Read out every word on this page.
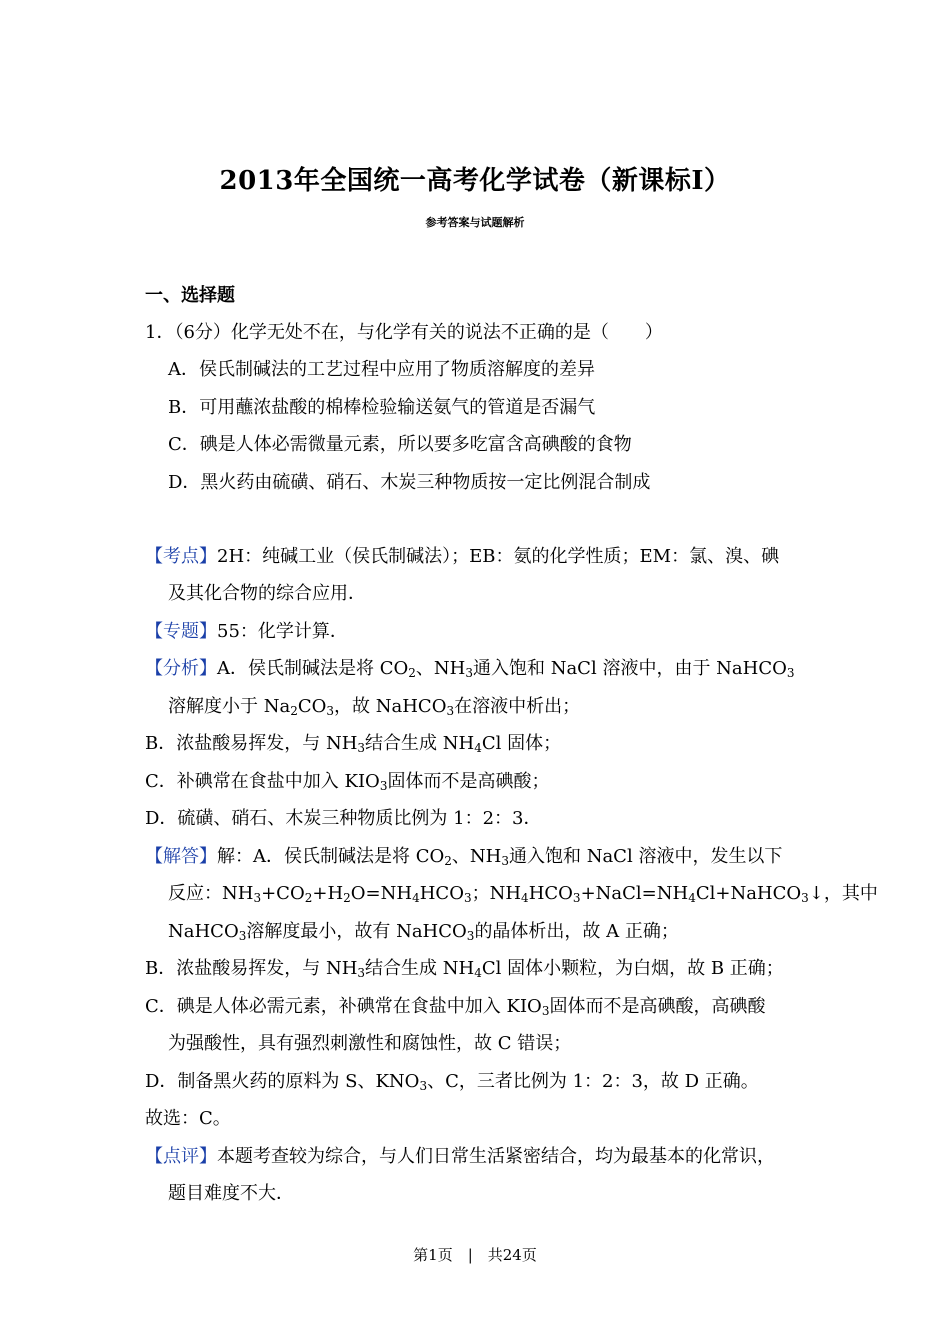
2013年全国统一高考化学试卷（新课标I）
参考答案与试题解析
一、选择题
1．（6分）化学无处不在，与化学有关的说法不正确的是（　　）
A．侯氏制碱法的工艺过程中应用了物质溶解度的差异
B．可用蘸浓盐酸的棉棒检验输送氨气的管道是否漏气
C．碘是人体必需微量元素，所以要多吃富含高碘酸的食物
D．黑火药由硫磺、硝石、木炭三种物质按一定比例混合制成
【考点】2H：纯碱工业（侯氏制碱法）；EB：氨的化学性质；EM：氯、溴、碘
及其化合物的综合应用．
【专题】55：化学计算．
【分析】A．侯氏制碱法是将 $CO_2$、$NH_3$通入饱和 NaCl 溶液中，由于 NaHCO$_3$
溶解度小于 $Na_2CO_3$，故 NaHCO$_3$在溶液中析出；
B．浓盐酸易挥发，与 $NH_3$结合生成 $NH_4Cl$ 固体；
C．补碘常在食盐中加入 $KIO_3$固体而不是高碘酸；
D．硫磺、硝石、木炭三种物质比例为 1：2：3．
【解答】解：A．侯氏制碱法是将 $CO_2$、$NH_3$通入饱和 NaCl 溶液中，发生以下
反应：$NH_3+CO_2+H_2O=NH_4HCO_3$；$NH_4HCO_3+NaCl=NH_4Cl+NaHCO_3↓$，其中
NaHCO$_3$溶解度最小，故有 NaHCO$_3$的晶体析出，故 A 正确；
B．浓盐酸易挥发，与 $NH_3$结合生成 $NH_4Cl$ 固体小颗粒，为白烟，故 B 正确；
C．碘是人体必需元素，补碘常在食盐中加入 $KIO_3$固体而不是高碘酸，高碘酸
为强酸性，具有强烈刺激性和腐蚀性，故 C 错误；
D．制备黑火药的原料为 S、$KNO_3$、C，三者比例为 1：2：3，故 D 正确。
故选：C。
【点评】本题考查较为综合，与人们日常生活紧密结合，均为最基本的化常识，
题目难度不大．
第1页　|　共24页
